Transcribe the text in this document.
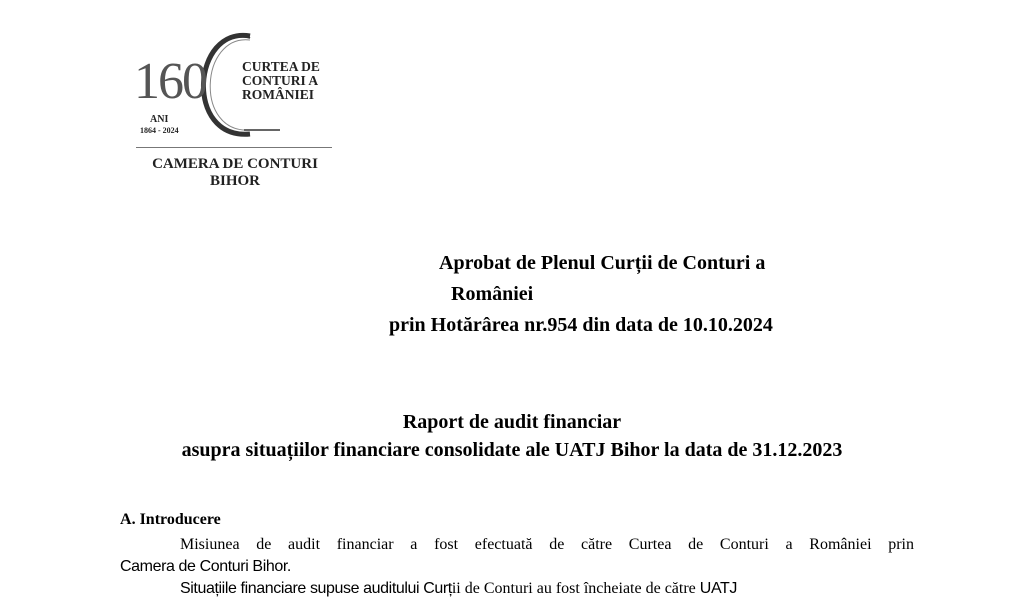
160	CURTEA DE
CONTURI A
ROMÂNIEI
ANI
1864 - 2024
CAMERA DE CONTURI
BIHOR
Aprobat de Plenul Curții de Conturi a
României
prin Hotărârea nr.954 din data de 10.10.2024
Raport de audit financiar
asupra situațiilor financiare consolidate ale UATJ Bihor la data de 31.12.2023
A. Introducere
Misiunea de audit financiar a fost efectuată de către Curtea de Conturi a României prin
Camera de Conturi Bihor.
Situațiile financiare supuse auditului Curții de Conturi au fost încheiate de către UATJ
